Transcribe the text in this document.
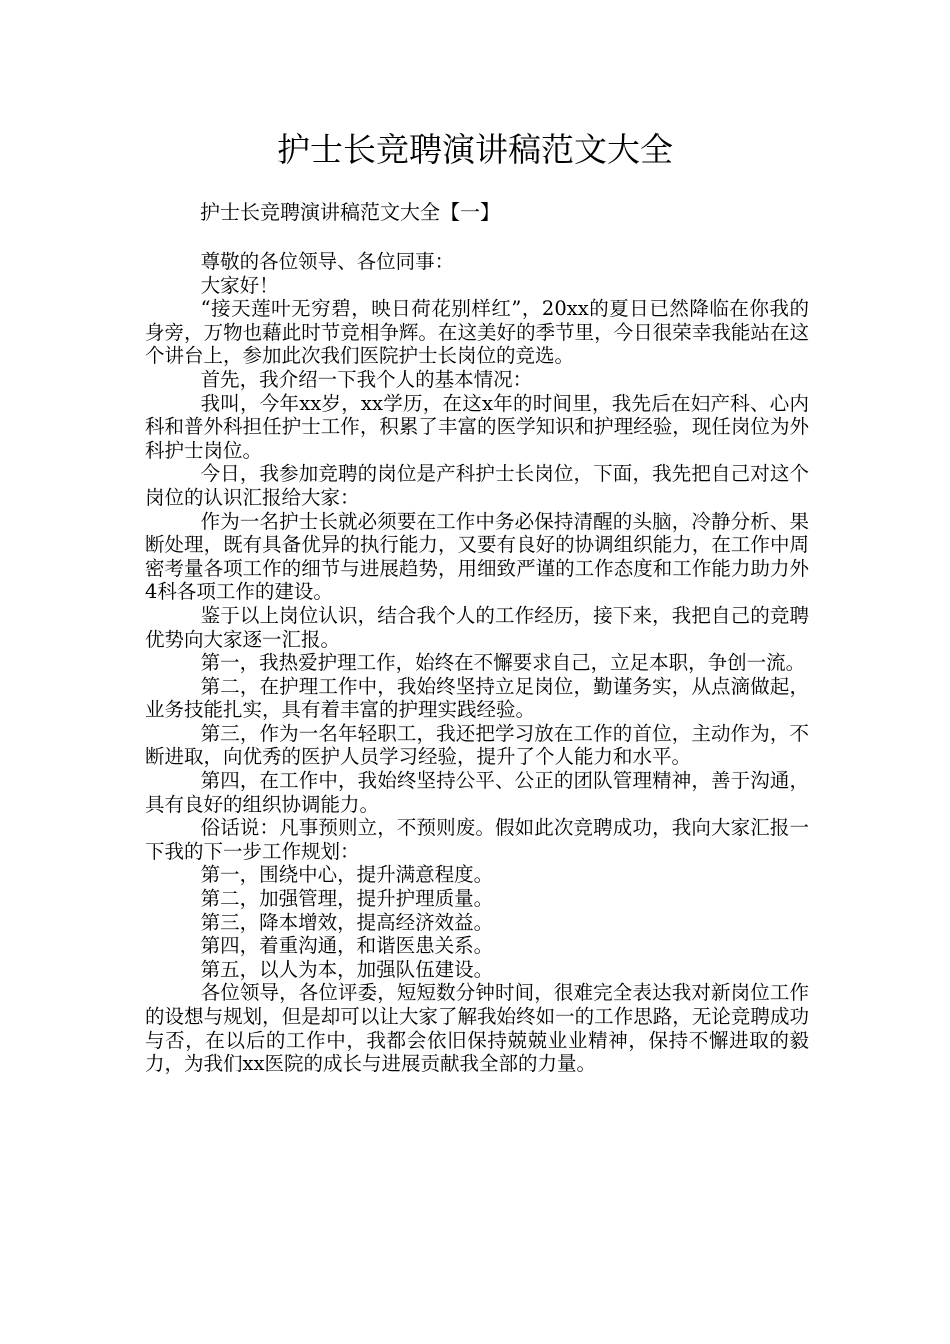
护士长竞聘演讲稿范文大全
护士长竞聘演讲稿范文大全【一】

尊敬的各位领导、各位同事：

大家好！

“接天莲叶无穷碧，映日荷花别样红”，20xx的夏日已然降临在你我的身旁，万物也藉此时节竞相争辉。在这美好的季节里，今日很荣幸我能站在这个讲台上，参加此次我们医院护士长岗位的竞选。

首先，我介绍一下我个人的基本情况：

我叫，今年xx岁，xx学历，在这x年的时间里，我先后在妇产科、心内科和普外科担任护士工作，积累了丰富的医学知识和护理经验，现任岗位为外科护士岗位。

今日，我参加竞聘的岗位是产科护士长岗位，下面，我先把自己对这个岗位的认识汇报给大家：

作为一名护士长就必须要在工作中务必保持清醒的头脑，冷静分析、果断处理，既有具备优异的执行能力，又要有良好的协调组织能力，在工作中周密考量各项工作的细节与进展趋势，用细致严谨的工作态度和工作能力助力外4科各项工作的建设。

鉴于以上岗位认识，结合我个人的工作经历，接下来，我把自己的竞聘优势向大家逐一汇报。

第一，我热爱护理工作，始终在不懈要求自己，立足本职，争创一流。

第二，在护理工作中，我始终坚持立足岗位，勤谨务实，从点滴做起，业务技能扎实，具有着丰富的护理实践经验。

第三，作为一名年轻职工，我还把学习放在工作的首位，主动作为，不断进取，向优秀的医护人员学习经验，提升了个人能力和水平。

第四，在工作中，我始终坚持公平、公正的团队管理精神，善于沟通，具有良好的组织协调能力。

俗话说：凡事预则立，不预则废。假如此次竞聘成功，我向大家汇报一下我的下一步工作规划：

第一，围绕中心，提升满意程度。

第二，加强管理，提升护理质量。

第三，降本增效，提高经济效益。

第四，着重沟通，和谐医患关系。

第五，以人为本，加强队伍建设。

各位领导，各位评委，短短数分钟时间，很难完全表达我对新岗位工作的设想与规划，但是却可以让大家了解我始终如一的工作思路，无论竞聘成功与否，在以后的工作中，我都会依旧保持兢兢业业精神，保持不懈进取的毅力，为我们xx医院的成长与进展贡献我全部的力量。
